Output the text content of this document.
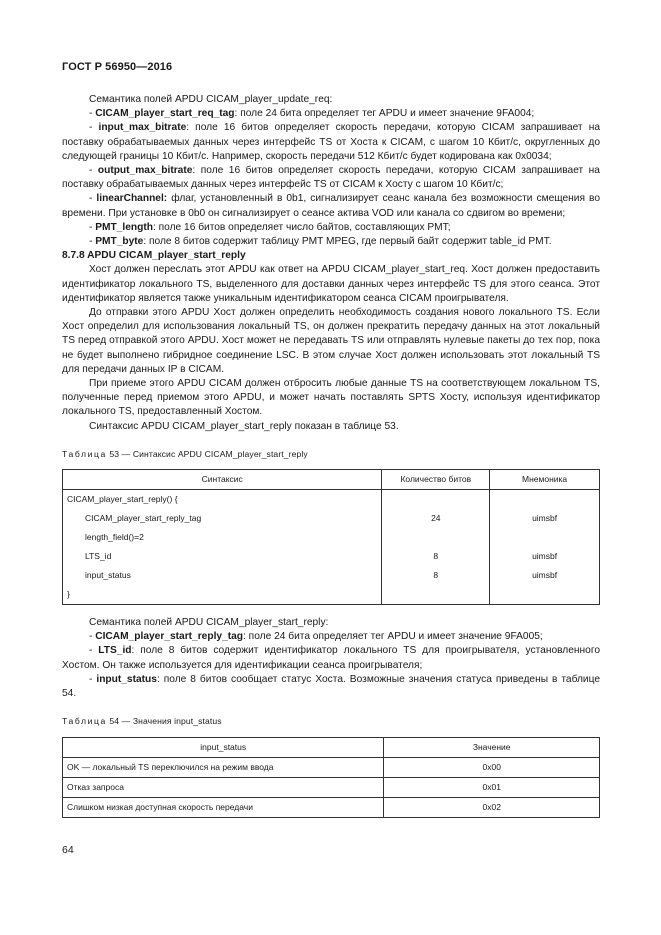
ГОСТ Р 56950—2016

Семантика полей APDU CICAM_player_update_req:

- CICAM_player_start_req_tag: поле 24 бита определяет тег APDU и имеет значение 9FA004;

- input_max_bitrate: поле 16 битов определяет скорость передачи, которую CICAM запрашивает на поставку обрабатываемых данных через интерфейс TS от Хоста к CICAM, с шагом 10 Кбит/с, округленных до следующей границы 10 Кбит/с. Например, скорость передачи 512 Кбит/с будет кодирована как 0x0034;

- output_max_bitrate: поле 16 битов определяет скорость передачи, которую CICAM запрашивает на поставку обрабатываемых данных через интерфейс TS от CICAM к Хосту с шагом 10 Кбит/с;

- linearChannel: флаг, установленный в 0b1, сигнализирует сеанс канала без возможности смещения во времени. При установке в 0b0 он сигнализирует о сеансе актива VOD или канала со сдвигом во времени;

- PMT_length: поле 16 битов определяет число байтов, составляющих PMT;

- PMT_byte: поле 8 битов содержит таблицу PMT MPEG, где первый байт содержит table_id PMT.

8.7.8 APDU CICAM_player_start_reply

Хост должен переслать этот APDU как ответ на APDU CICAM_player_start_req. Хост должен предоставить идентификатор локального TS, выделенного для доставки данных через интерфейс TS для этого сеанса. Этот идентификатор является также уникальным идентификатором сеанса CICAM проигрывателя.

До отправки этого APDU Хост должен определить необходимость создания нового локального TS. Если Хост определил для использования локальный TS, он должен прекратить передачу данных на этот локальный TS перед отправкой этого APDU. Хост может не передавать TS или отправлять нулевые пакеты до тех пор, пока не будет выполнено гибридное соединение LSC. В этом случае Хост должен использовать этот локальный TS для передачи данных IP в CICAM.

При приеме этого APDU CICAM должен отбросить любые данные TS на соответствующем локальном TS, полученные перед приемом этого APDU, и может начать поставлять SPTS Хосту, используя идентификатор локального TS, предоставленный Хостом.

Синтаксис APDU CICAM_player_start_reply показан в таблице 53.

Таблица 53 — Синтаксис APDU CICAM_player_start_reply
Синтаксис	Количество битов	Мнемоника
CICAM_player_start_reply() {		
CICAM_player_start_reply_tag	24	uimsbf
length_field()=2		
LTS_id	8	uimsbf
input_status	8	uimsbf
}		

Семантика полей APDU CICAM_player_start_reply:

- CICAM_player_start_reply_tag: поле 24 бита определяет тег APDU и имеет значение 9FA005;

- LTS_id: поле 8 битов содержит идентификатор локального TS для проигрывателя, установленного Хостом. Он также используется для идентификации сеанса проигрывателя;

- input_status: поле 8 битов сообщает статус Хоста. Возможные значения статуса приведены в таблице 54.

Таблица 54 — Значения input_status
input_status	Значение
OK — локальный TS переключился на режим ввода	0x00
Отказ запроса	0x01
Слишком низкая доступная скорость передачи	0x02
64
